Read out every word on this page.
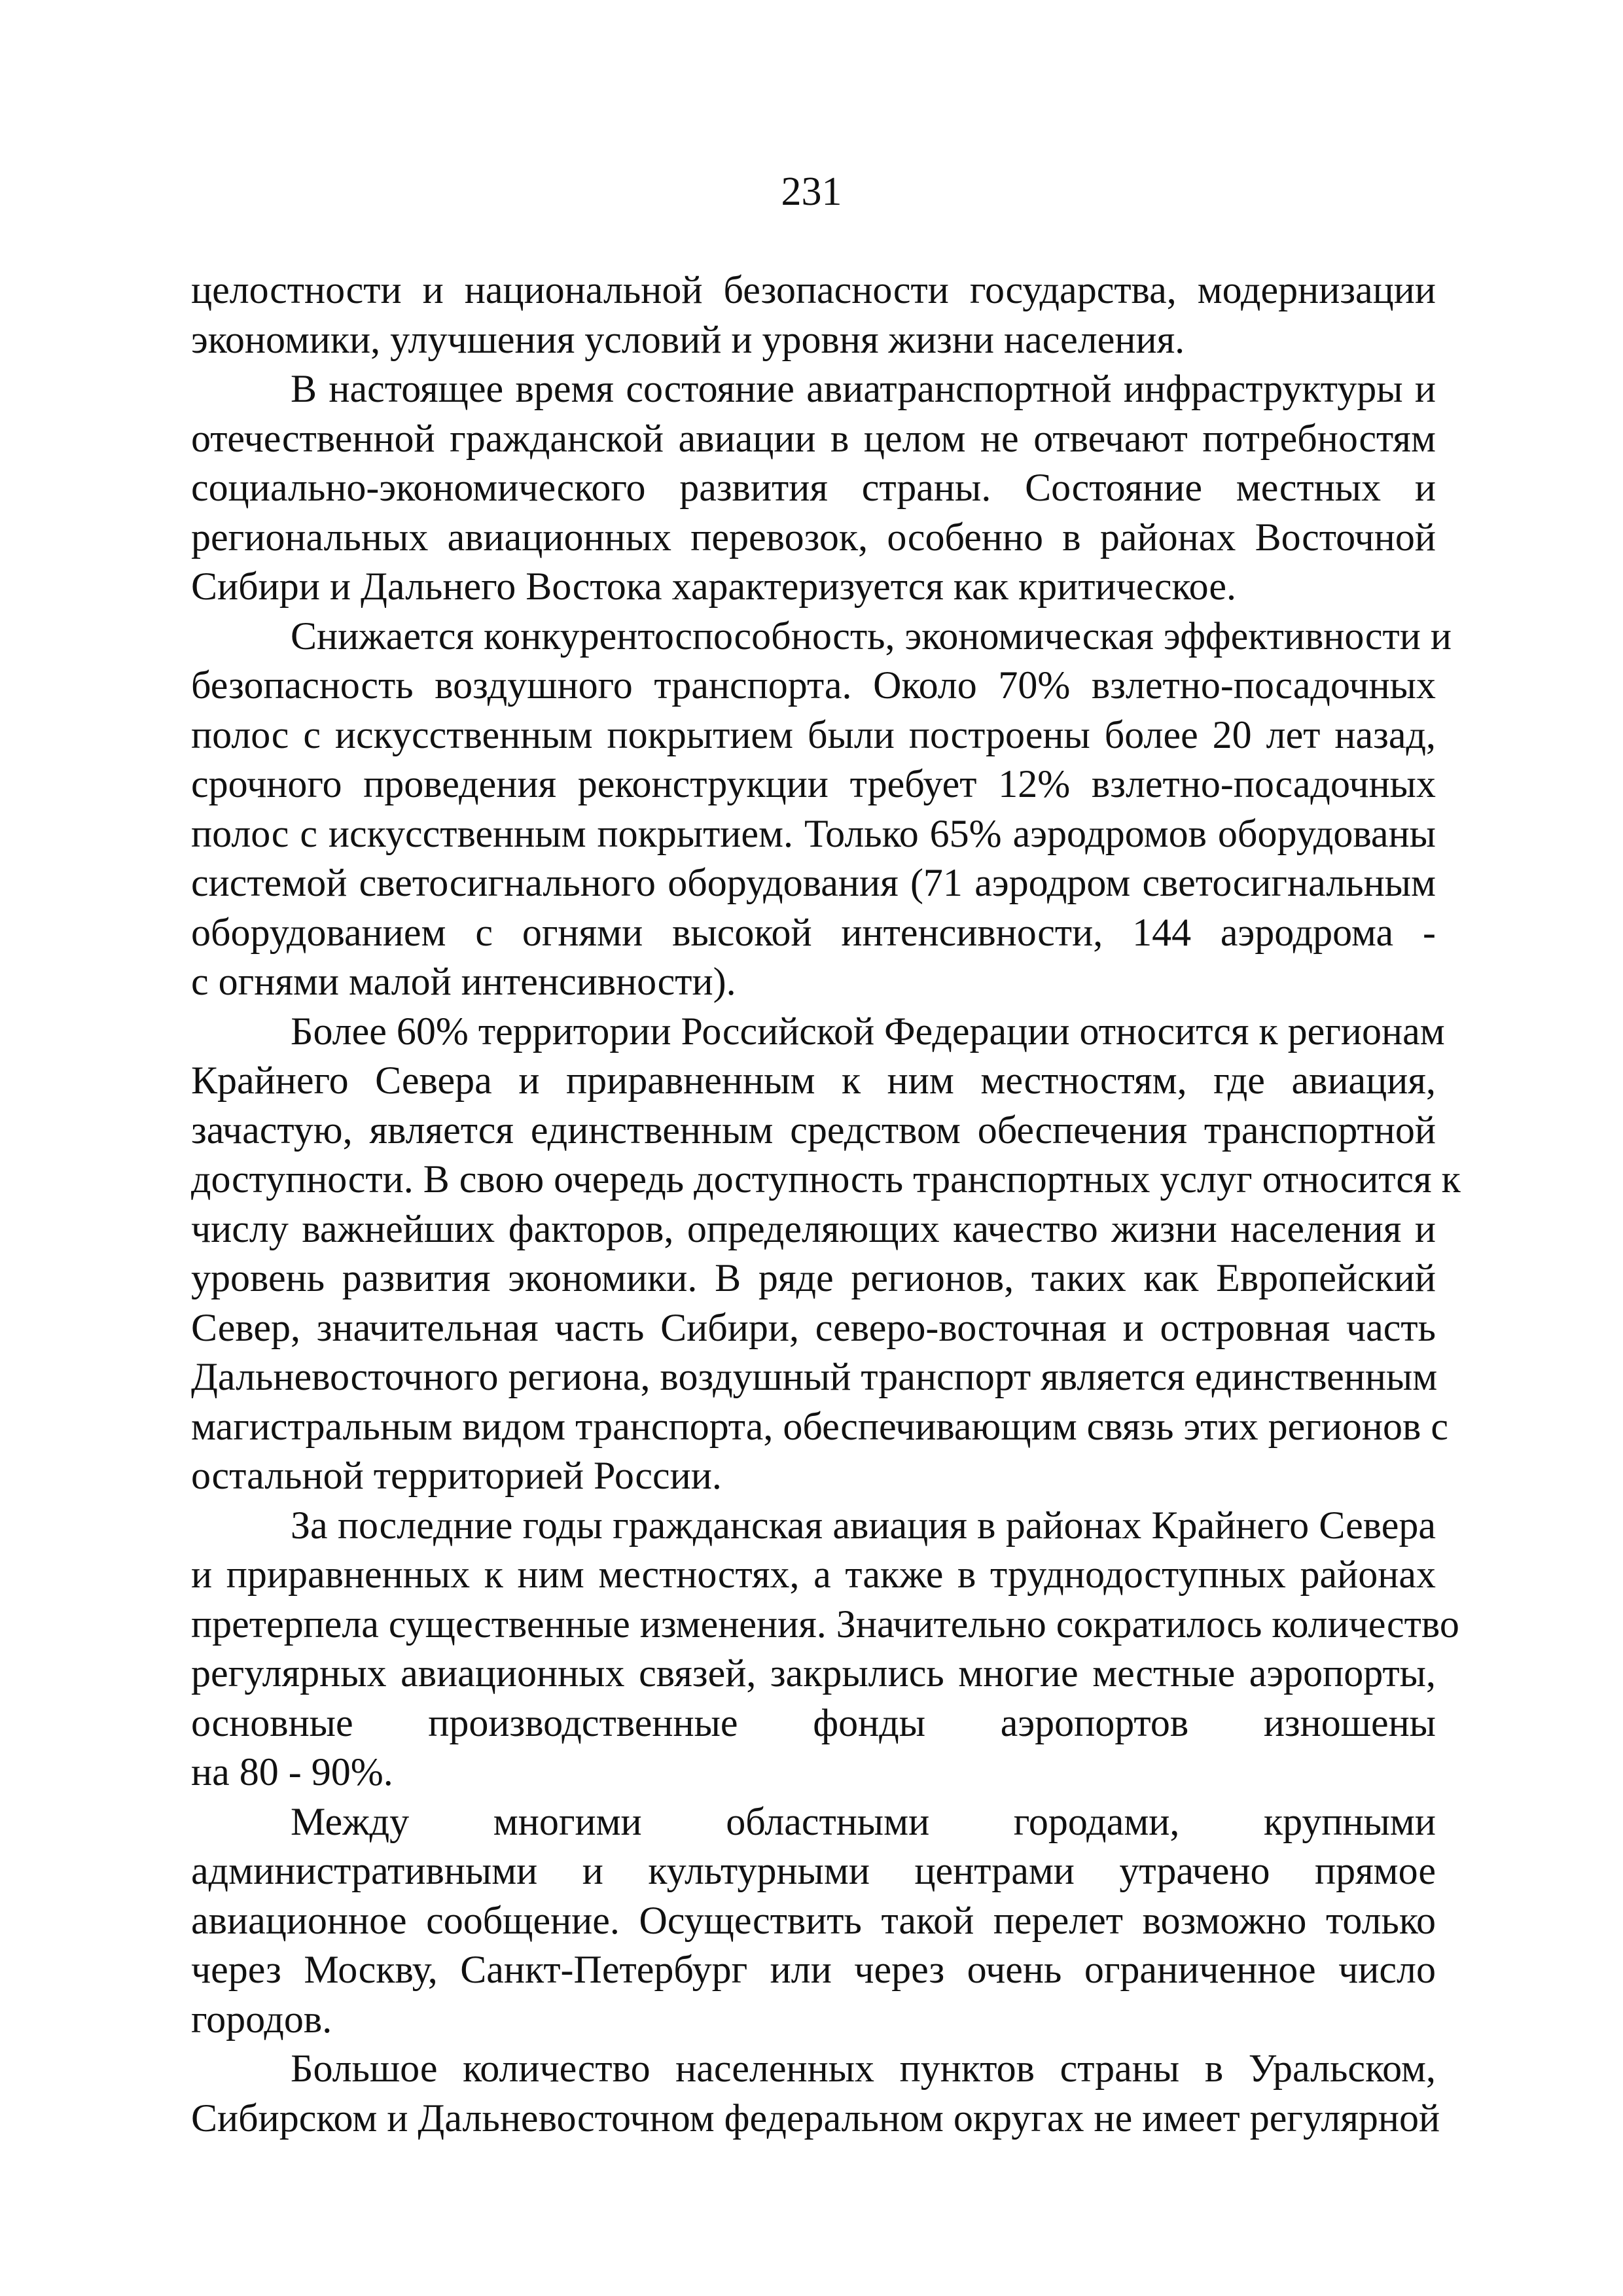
231
целостности и национальной безопасности государства, модернизации
экономики, улучшения условий и уровня жизни населения.
В настоящее время состояние авиатранспортной инфраструктуры и
отечественной гражданской авиации в целом не отвечают потребностям
социально-экономического развития страны. Состояние местных и
региональных авиационных перевозок, особенно в районах Восточной
Сибири и Дальнего Востока характеризуется как критическое.
Снижается конкурентоспособность, экономическая эффективности и
безопасность воздушного транспорта. Около 70% взлетно-посадочных
полос с искусственным покрытием были построены более 20 лет назад,
срочного проведения реконструкции требует 12% взлетно-посадочных
полос с искусственным покрытием. Только 65% аэродромов оборудованы
системой светосигнального оборудования (71 аэродром светосигнальным
оборудованием с огнями высокой интенсивности, 144 аэродрома -
с огнями малой интенсивности).
Более 60% территории Российской Федерации относится к регионам
Крайнего Севера и приравненным к ним местностям, где авиация,
зачастую, является единственным средством обеспечения транспортной
доступности. В свою очередь доступность транспортных услуг относится к
числу важнейших факторов, определяющих качество жизни населения и
уровень развития экономики. В ряде регионов, таких как Европейский
Север, значительная часть Сибири, северо-восточная и островная часть
Дальневосточного региона, воздушный транспорт является единственным
магистральным видом транспорта, обеспечивающим связь этих регионов с
остальной территорией России.
За последние годы гражданская авиация в районах Крайнего Севера
и приравненных к ним местностях, а также в труднодоступных районах
претерпела существенные изменения. Значительно сократилось количество
регулярных авиационных связей, закрылись многие местные аэропорты,
основные производственные фонды аэропортов изношены
на 80 - 90%.
Между многими областными городами, крупными
административными и культурными центрами утрачено прямое
авиационное сообщение. Осуществить такой перелет возможно только
через Москву, Санкт-Петербург или через очень ограниченное число
городов.
Большое количество населенных пунктов страны в Уральском,
Сибирском и Дальневосточном федеральном округах не имеет регулярной
